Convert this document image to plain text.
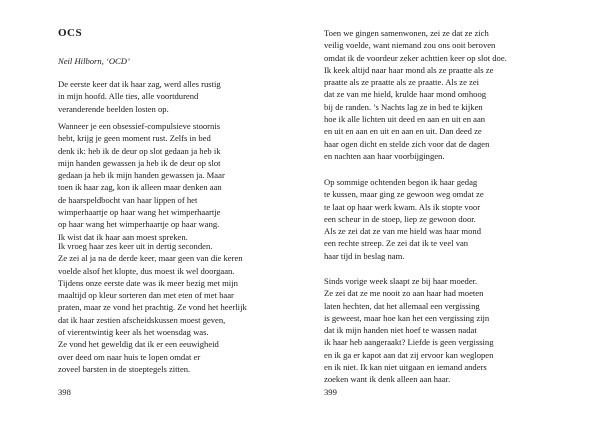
OCS

Neil Hilborn, ‘OCD’

De eerste keer dat ik haar zag, werd alles rustig
in mijn hoofd. Alle ties, alle voortdurend
veranderende beelden losten op.
Wanneer je een obsessief-compulsieve stoornis
hebt, krijg je geen moment rust. Zelfs in bed
denk ik: heb ik de deur op slot gedaan ja heb ik
mijn handen gewassen ja heb ik de deur op slot
gedaan ja heb ik mijn handen gewassen ja. Maar
toen ik haar zag, kon ik alleen maar denken aan
de haarspeldbocht van haar lippen of het
wimperhaartje op haar wang het wimperhaartje
op haar wang het wimperhaartje op haar wang.
Ik wist dat ik haar aan moest spreken.
Ik vroeg haar zes keer uit in dertig seconden.
Ze zei al ja na de derde keer, maar geen van die keren
voelde alsof het klopte, dus moest ik wel doorgaan.
Tijdens onze eerste date was ik meer bezig met mijn
maaltijd op kleur sorteren dan met eten of met haar
praten, maar ze vond het prachtig. Ze vond het heerlijk
dat ik haar zestien afscheidskussen moest geven,
of vierentwintig keer als het woensdag was.
Ze vond het geweldig dat ik er een eeuwigheid
over deed om naar huis te lopen omdat er
zoveel barsten in de stoeptegels zitten.

398

Toen we gingen samenwonen, zei ze dat ze zich
veilig voelde, want niemand zou ons ooit beroven
omdat ik de voordeur zeker achttien keer op slot doe.
Ik keek altijd naar haar mond als ze praatte als ze
praatte als ze praatte als ze praatte. Als ze zei
dat ze van me hield, krulde haar mond omhoog
bij de randen. ’s Nachts lag ze in bed te kijken
hoe ik alle lichten uit deed en aan en uit en aan
en uit en aan en uit en aan en uit. Dan deed ze
haar ogen dicht en stelde zich voor dat de dagen
en nachten aan haar voorbijgingen.
Op sommige ochtenden begon ik haar gedag
te kussen, maar ging ze gewoon weg omdat ze
te laat op haar werk kwam. Als ik stopte voor
een scheur in de stoep, liep ze gewoon door.
Als ze zei dat ze van me hield was haar mond
een rechte streep. Ze zei dat ik te veel van
haar tijd in beslag nam.
Sinds vorige week slaapt ze bij haar moeder.
Ze zei dat ze me nooit zo aan haar had moeten
laten hechten, dat het allemaal een vergissing
is geweest, maar hoe kan het een vergissing zijn
dat ik mijn handen niet hoef te wassen nadat
ik haar heb aangeraakt? Liefde is geen vergissing
en ik ga er kapot aan dat zij ervoor kan weglopen
en ik niet. Ik kan niet uitgaan en iemand anders
zoeken want ik denk alleen aan haar.

399
